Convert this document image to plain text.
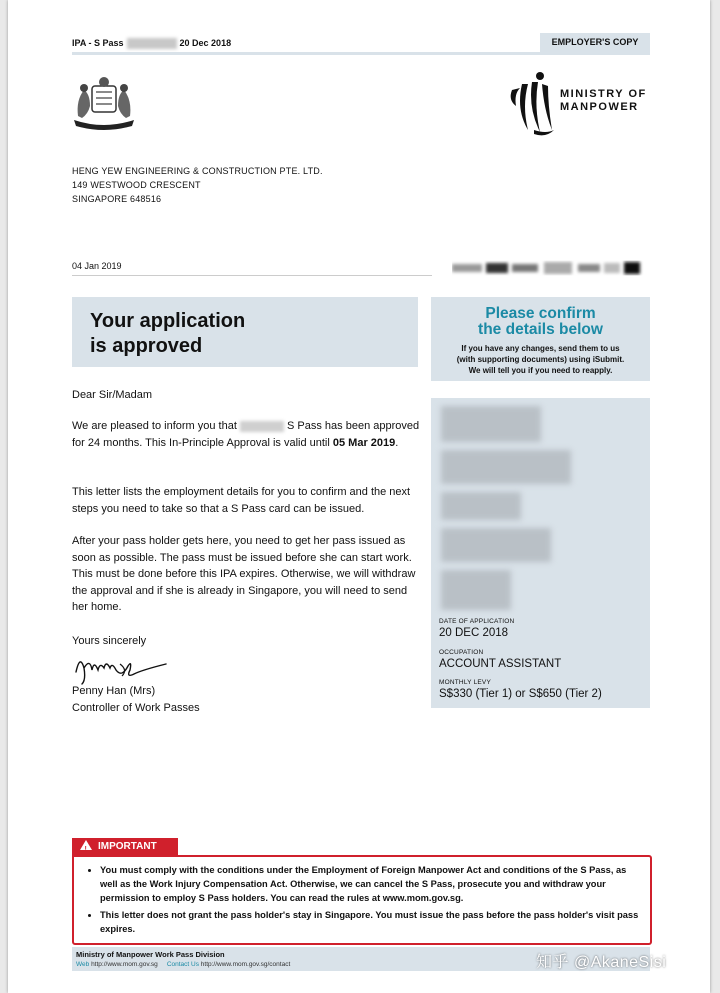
IPA - S Pass	20 Dec 2018	EMPLOYER'S COPY
MINISTRY OF
MANPOWER
HENG YEW ENGINEERING & CONSTRUCTION PTE. LTD.
149 WESTWOOD CRESCENT
SINGAPORE 648516
04 Jan 2019
Your application
is approved
Please confirm
the details below
If you have any changes, send them to us
(with supporting documents) using iSubmit.
We will tell you if you need to reapply.
DATE OF APPLICATION
20 DEC 2018
OCCUPATION
ACCOUNT ASSISTANT
MONTHLY LEVY
S$330 (Tier 1) or S$650 (Tier 2)
Dear Sir/Madam
We are pleased to inform you that	S Pass has been approved for 24 months. This In-Principle Approval is valid until 05 Mar 2019.
This letter lists the employment details for you to confirm and the next steps you need to take so that a S Pass card can be issued.
After your pass holder gets here, you need to get her pass issued as soon as possible. The pass must be issued before she can start work. This must be done before this IPA expires. Otherwise, we will withdraw the approval and if she is already in Singapore, you will need to send her home.
Yours sincerely
Penny Han (Mrs)
Controller of Work Passes
!IMPORTANT
• You must comply with the conditions under the Employment of Foreign Manpower Act and conditions of the S Pass, as well as the Work Injury Compensation Act. Otherwise, we can cancel the S Pass, prosecute you and withdraw your permission to employ S Pass holders. You can read the rules at www.mom.gov.sg.
• This letter does not grant the pass holder's stay in Singapore. You must issue the pass before the pass holder's visit pass expires.
Ministry of Manpower Work Pass Division
Web http://www.mom.gov.sg Contact Us http://www.mom.gov.sg/contact	知乎 @AkaneSisi
